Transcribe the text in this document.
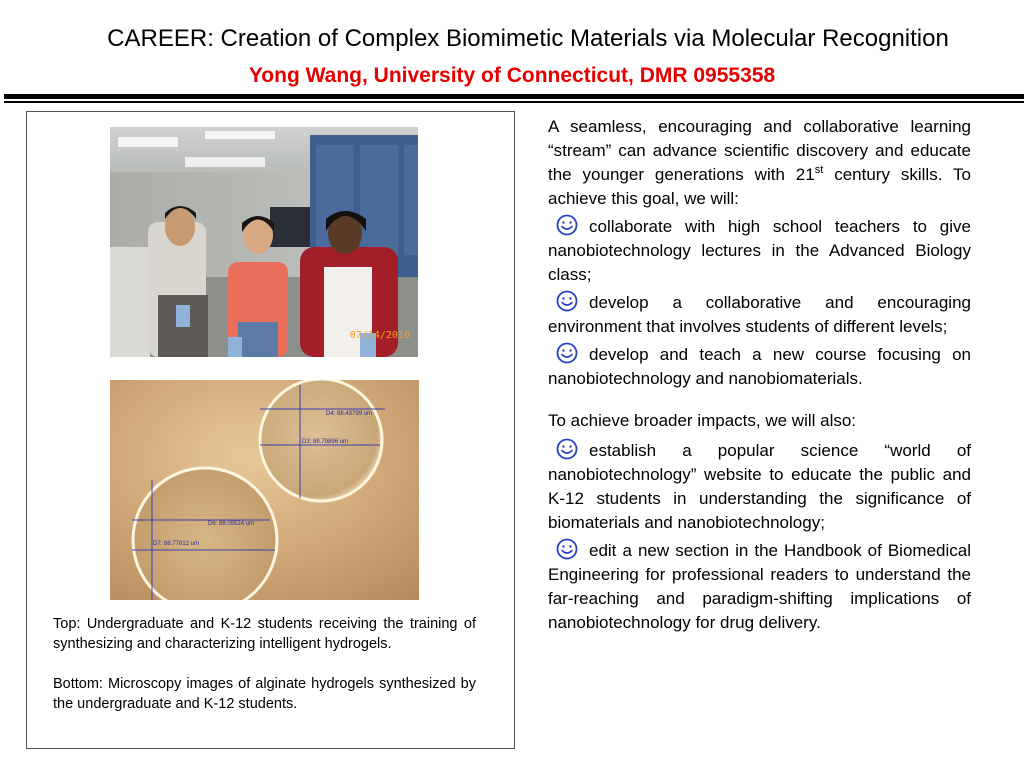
CAREER: Creation of Complex Biomimetic Materials via Molecular Recognition
Yong Wang, University of Connecticut, DMR 0955358
07/14/2010
D4: 88.43799 um
D3: 88.79896 um
D6: 88.09524 um
D7: 88.77812 um

Top: Undergraduate and K-12 students receiving the training of synthesizing and characterizing intelligent hydrogels.

Bottom: Microscopy images of alginate hydrogels synthesized by the undergraduate and K-12 students.

A seamless, encouraging and collaborative learning “stream” can advance scientific discovery and educate the younger generations with 21st century skills. To achieve this goal, we will:

collaborate with high school teachers to give nanobiotechnology lectures in the Advanced Biology class;

develop a collaborative and encouraging environment that involves students of different levels;

develop and teach a new course focusing on nanobiotechnology and nanobiomaterials.

To achieve broader impacts, we will also:

establish a popular science “world of nanobiotechnology” website to educate the public and K-12 students in understanding the significance of biomaterials and nanobiotechnology;

edit a new section in the Handbook of Biomedical Engineering for professional readers to understand the far-reaching and paradigm-shifting implications of nanobiotechnology for drug delivery.
